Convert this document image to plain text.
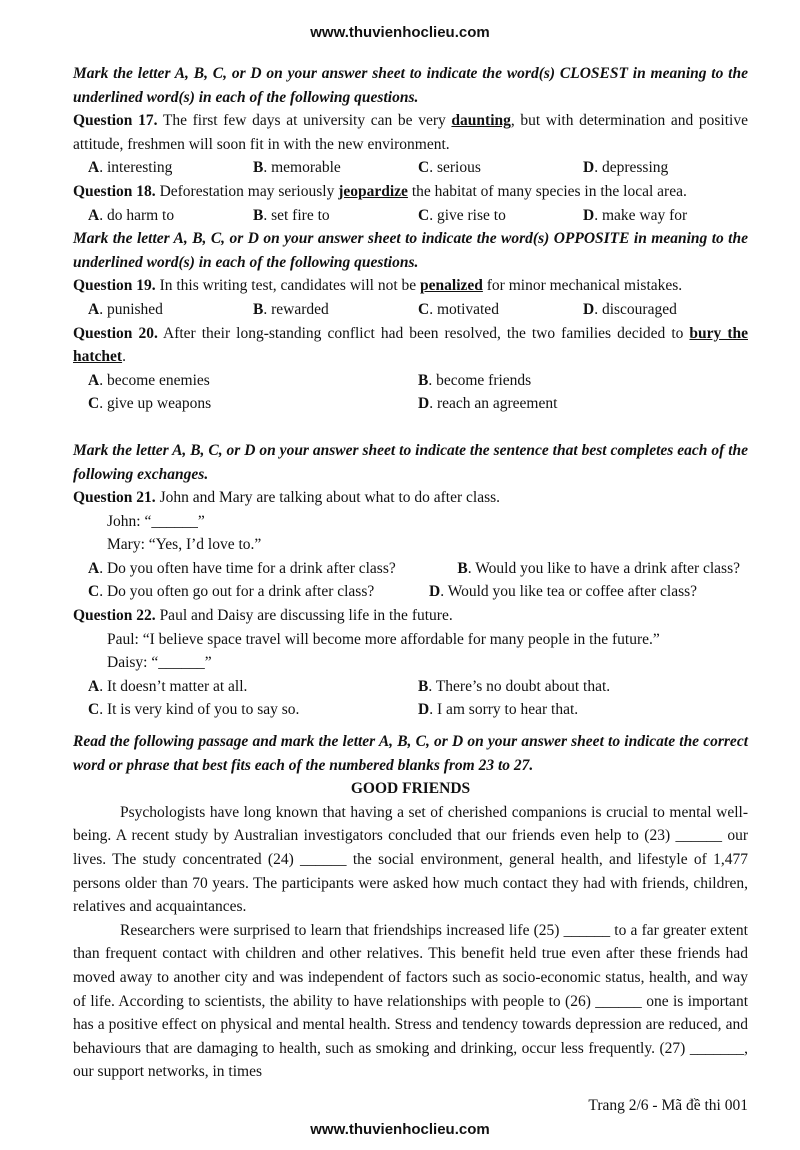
www.thuvienhoclieu.com
Mark the letter A, B, C, or D on your answer sheet to indicate the word(s) CLOSEST in meaning to the underlined word(s) in each of the following questions.
Question 17. The first few days at university can be very daunting, but with determination and positive attitude, freshmen will soon fit in with the new environment.
A. interesting	B. memorable	C. serious	D. depressing
Question 18. Deforestation may seriously jeopardize the habitat of many species in the local area.
A. do harm to	B. set fire to	C. give rise to	D. make way for
Mark the letter A, B, C, or D on your answer sheet to indicate the word(s) OPPOSITE in meaning to the underlined word(s) in each of the following questions.
Question 19. In this writing test, candidates will not be penalized for minor mechanical mistakes.
A. punished	B. rewarded	C. motivated	D. discouraged
Question 20. After their long-standing conflict had been resolved, the two families decided to bury the hatchet.
A. become enemies	B. become friends
C. give up weapons	D. reach an agreement
Mark the letter A, B, C, or D on your answer sheet to indicate the sentence that best completes each of the following exchanges.
Question 21. John and Mary are talking about what to do after class.
John: “______”
Mary: “Yes, I’d love to.”
A. Do you often have time for a drink after class?	B. Would you like to have a drink after class?
C. Do you often go out for a drink after class?	D. Would you like tea or coffee after class?
Question 22. Paul and Daisy are discussing life in the future.
Paul: “I believe space travel will become more affordable for many people in the future.”
Daisy: “______”
A. It doesn’t matter at all.	B. There’s no doubt about that.
C. It is very kind of you to say so.	D. I am sorry to hear that.
Read the following passage and mark the letter A, B, C, or D on your answer sheet to indicate the correct word or phrase that best fits each of the numbered blanks from 23 to 27.
GOOD FRIENDS
Psychologists have long known that having a set of cherished companions is crucial to mental well-being. A recent study by Australian investigators concluded that our friends even help to (23) ______ our lives. The study concentrated (24) ______ the social environment, general health, and lifestyle of 1,477 persons older than 70 years. The participants were asked how much contact they had with friends, children, relatives and acquaintances.
Researchers were surprised to learn that friendships increased life (25) ______ to a far greater extent than frequent contact with children and other relatives. This benefit held true even after these friends had moved away to another city and was independent of factors such as socio-economic status, health, and way of life. According to scientists, the ability to have relationships with people to (26) ______ one is important has a positive effect on physical and mental health. Stress and tendency towards depression are reduced, and behaviours that are damaging to health, such as smoking and drinking, occur less frequently. (27) _______, our support networks, in times
Trang 2/6 - Mã đề thi 001
www.thuvienhoclieu.com
